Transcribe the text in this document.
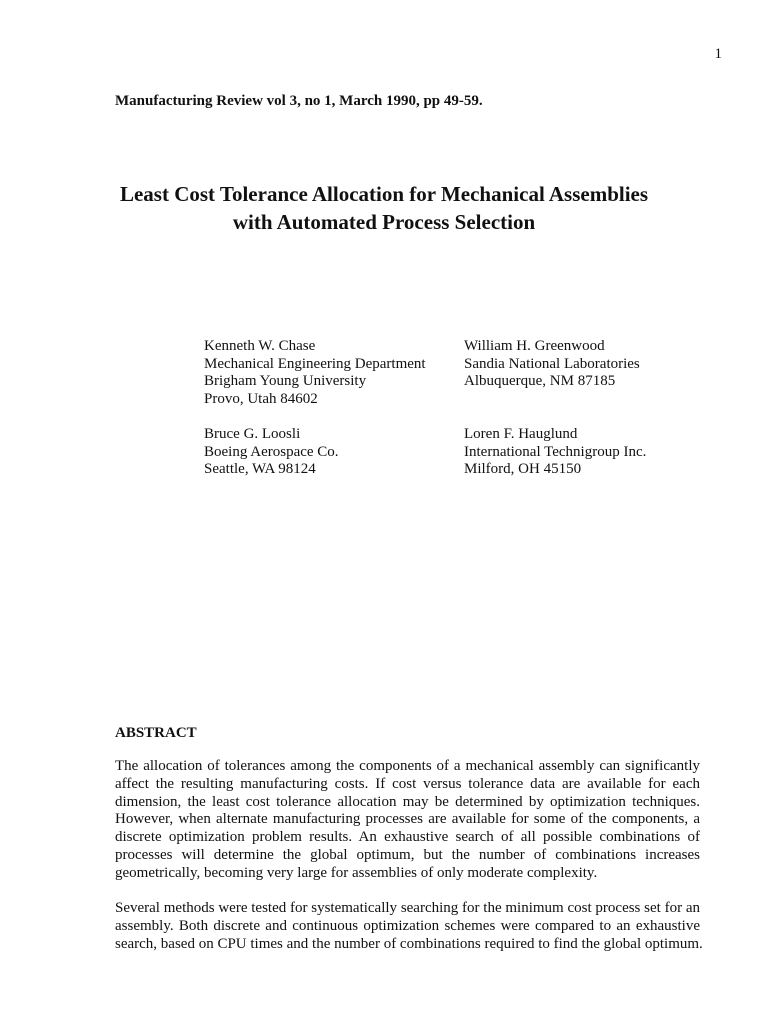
1
Manufacturing Review vol 3, no 1, March 1990, pp 49-59.
Least Cost Tolerance Allocation for Mechanical Assemblies
with Automated Process Selection
Kenneth W. Chase
Mechanical Engineering Department
Brigham Young University
Provo, Utah 84602
William H. Greenwood
Sandia National Laboratories
Albuquerque, NM 87185
Bruce G. Loosli
Boeing Aerospace Co.
Seattle, WA 98124
Loren F. Hauglund
International Technigroup Inc.
Milford, OH 45150
ABSTRACT

The allocation of tolerances among the components of a mechanical assembly can significantly
affect the resulting manufacturing costs. If cost versus tolerance data are available for each
dimension, the least cost tolerance allocation may be determined by optimization techniques.
However, when alternate manufacturing processes are available for some of the components, a
discrete optimization problem results. An exhaustive search of all possible combinations of
processes will determine the global optimum, but the number of combinations increases
geometrically, becoming very large for assemblies of only moderate complexity.

Several methods were tested for systematically searching for the minimum cost process set for an
assembly. Both discrete and continuous optimization schemes were compared to an exhaustive
search, based on CPU times and the number of combinations required to find the global optimum.
